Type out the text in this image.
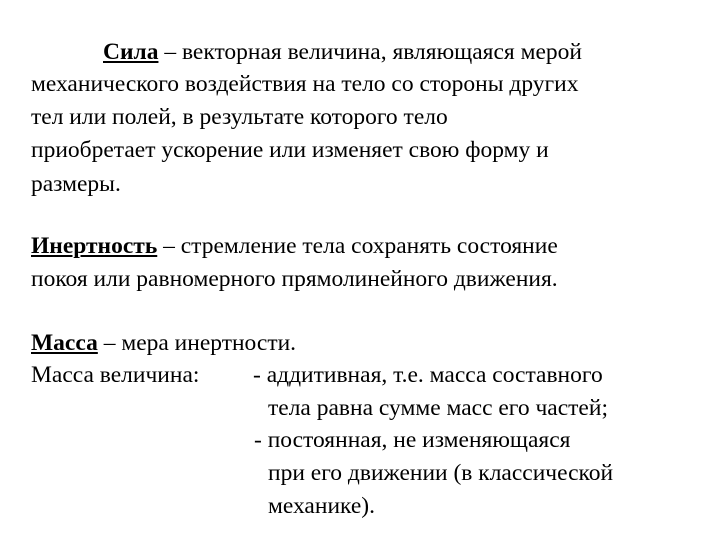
Сила – векторная величина, являющаяся мерой
механического воздействия на тело со стороны других
тел или полей, в результате которого тело
приобретает ускорение или изменяет свою форму и
размеры.
Инертность – стремление тела сохранять состояние
покоя или равномерного прямолинейного движения.
Масса – мера инертности.
Масса величина: - аддитивная, т.е. масса составного
тела равна сумме масс его частей;
- постоянная, не изменяющаяся
при его движении (в классической
механике).
